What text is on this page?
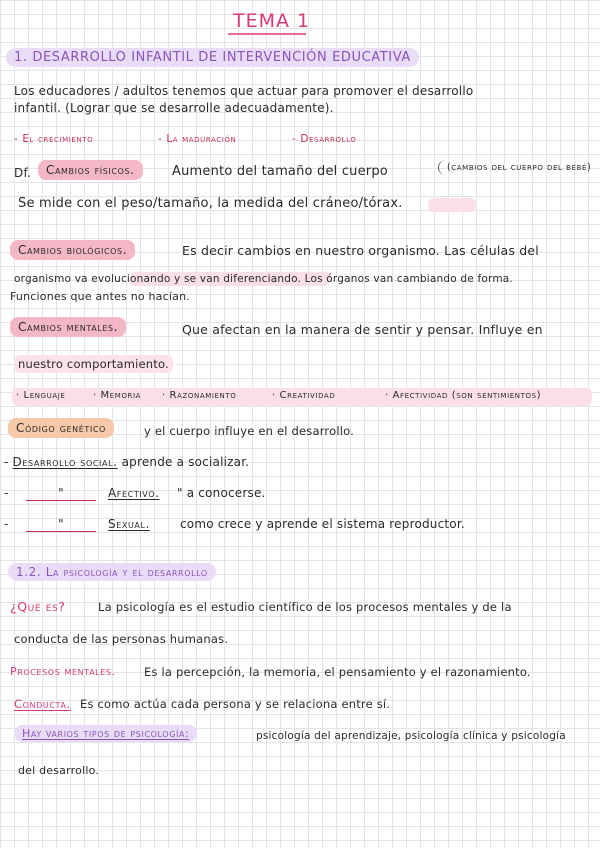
TEMA 1
1. DESARROLLO INFANTIL DE INTERVENCIÓN EDUCATIVA
Los educadores / adultos tenemos que actuar para promover el desarrollo
infantil. (Lograr que se desarrolle adecuadamente).
- El crecimiento	- La maduración	- Desarrollo
Df.	Cambios físicos.	Aumento del tamaño del cuerpo	(cambios del cuerpo del bebé)
Se mide con el peso/tamaño, la medida del cráneo/tórax.
Cambios biológicos.	Es decir cambios en nuestro organismo. Las células del
organismo va evolucionando y se van diferenciando. Los órganos van cambiando de forma.
Funciones que antes no hacían.
Cambios mentales.	Que afectan en la manera de sentir y pensar. Influye en
nuestro comportamiento.
· Lenguaje	· Memoria · Razonamiento	· Creatividad	· Afectividad (son sentimientos)
Código genético	y el cuerpo influye en el desarrollo.
- Desarrollo social. aprende a socializar.
-	"	Afectivo. " a conocerse.
-	"	Sexual.	como crece y aprende el sistema reproductor.
1.2. La psicología y el desarrollo
¿Qué es?	La psicología es el estudio científico de los procesos mentales y de la
conducta de las personas humanas.
Procesos mentales. Es la percepción, la memoria, el pensamiento y el razonamiento.
Conducta. Es como actúa cada persona y se relaciona entre sí.
Hay varios tipos de psicología:	psicología del aprendizaje, psicología clínica y psicología
del desarrollo.
